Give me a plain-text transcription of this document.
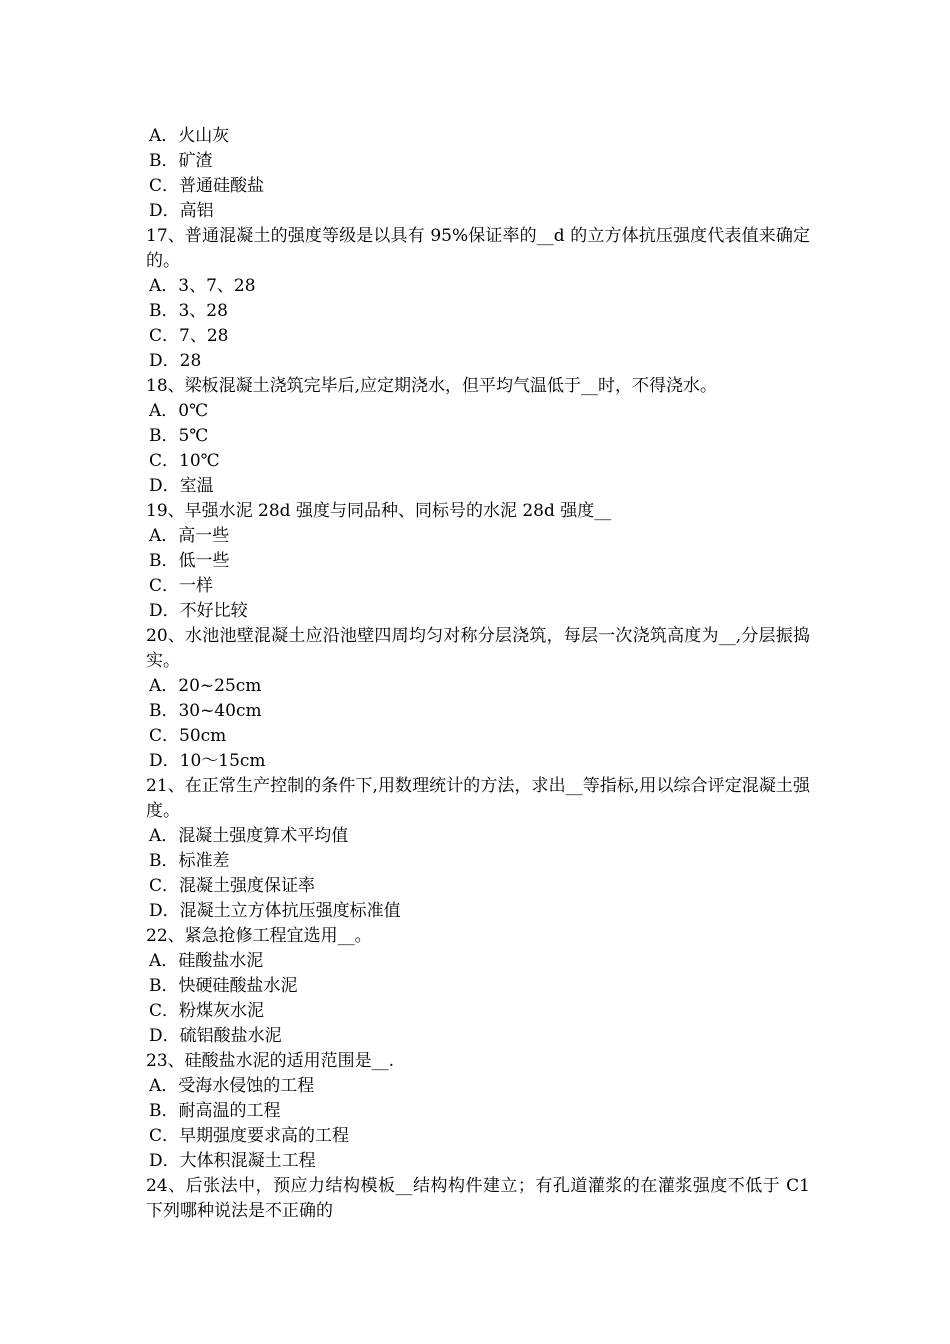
A．火山灰
B．矿渣
C．普通硅酸盐
D．高铝
17、普通混凝土的强度等级是以具有 95%保证率的__d 的立方体抗压强度代表值来确定的。
A．3、7、28
B．3、28
C．7、28
D．28
18、梁板混凝土浇筑完毕后,应定期浇水，但平均气温低于__时，不得浇水。
A．0℃
B．5℃
C．10℃
D．室温
19、早强水泥 28d 强度与同品种、同标号的水泥 28d 强度__
A．高一些
B．低一些
C．一样
D．不好比较
20、水池池壁混凝土应沿池壁四周均匀对称分层浇筑，每层一次浇筑高度为__,分层振捣实。
A．20~25cm
B．30~40cm
C．50cm
D．10～15cm
21、在正常生产控制的条件下,用数理统计的方法，求出__等指标,用以综合评定混凝土强度。
A．混凝土强度算术平均值
B．标准差
C．混凝土强度保证率
D．混凝土立方体抗压强度标准值
22、紧急抢修工程宜选用__。
A．硅酸盐水泥
B．快硬硅酸盐水泥
C．粉煤灰水泥
D．硫铝酸盐水泥
23、硅酸盐水泥的适用范围是__.
A．受海水侵蚀的工程
B．耐高温的工程
C．早期强度要求高的工程
D．大体积混凝土工程
24、后张法中，预应力结构模板__结构构件建立；有孔道灌浆的在灌浆强度不低于 C1 下列哪种说法是不正确的
